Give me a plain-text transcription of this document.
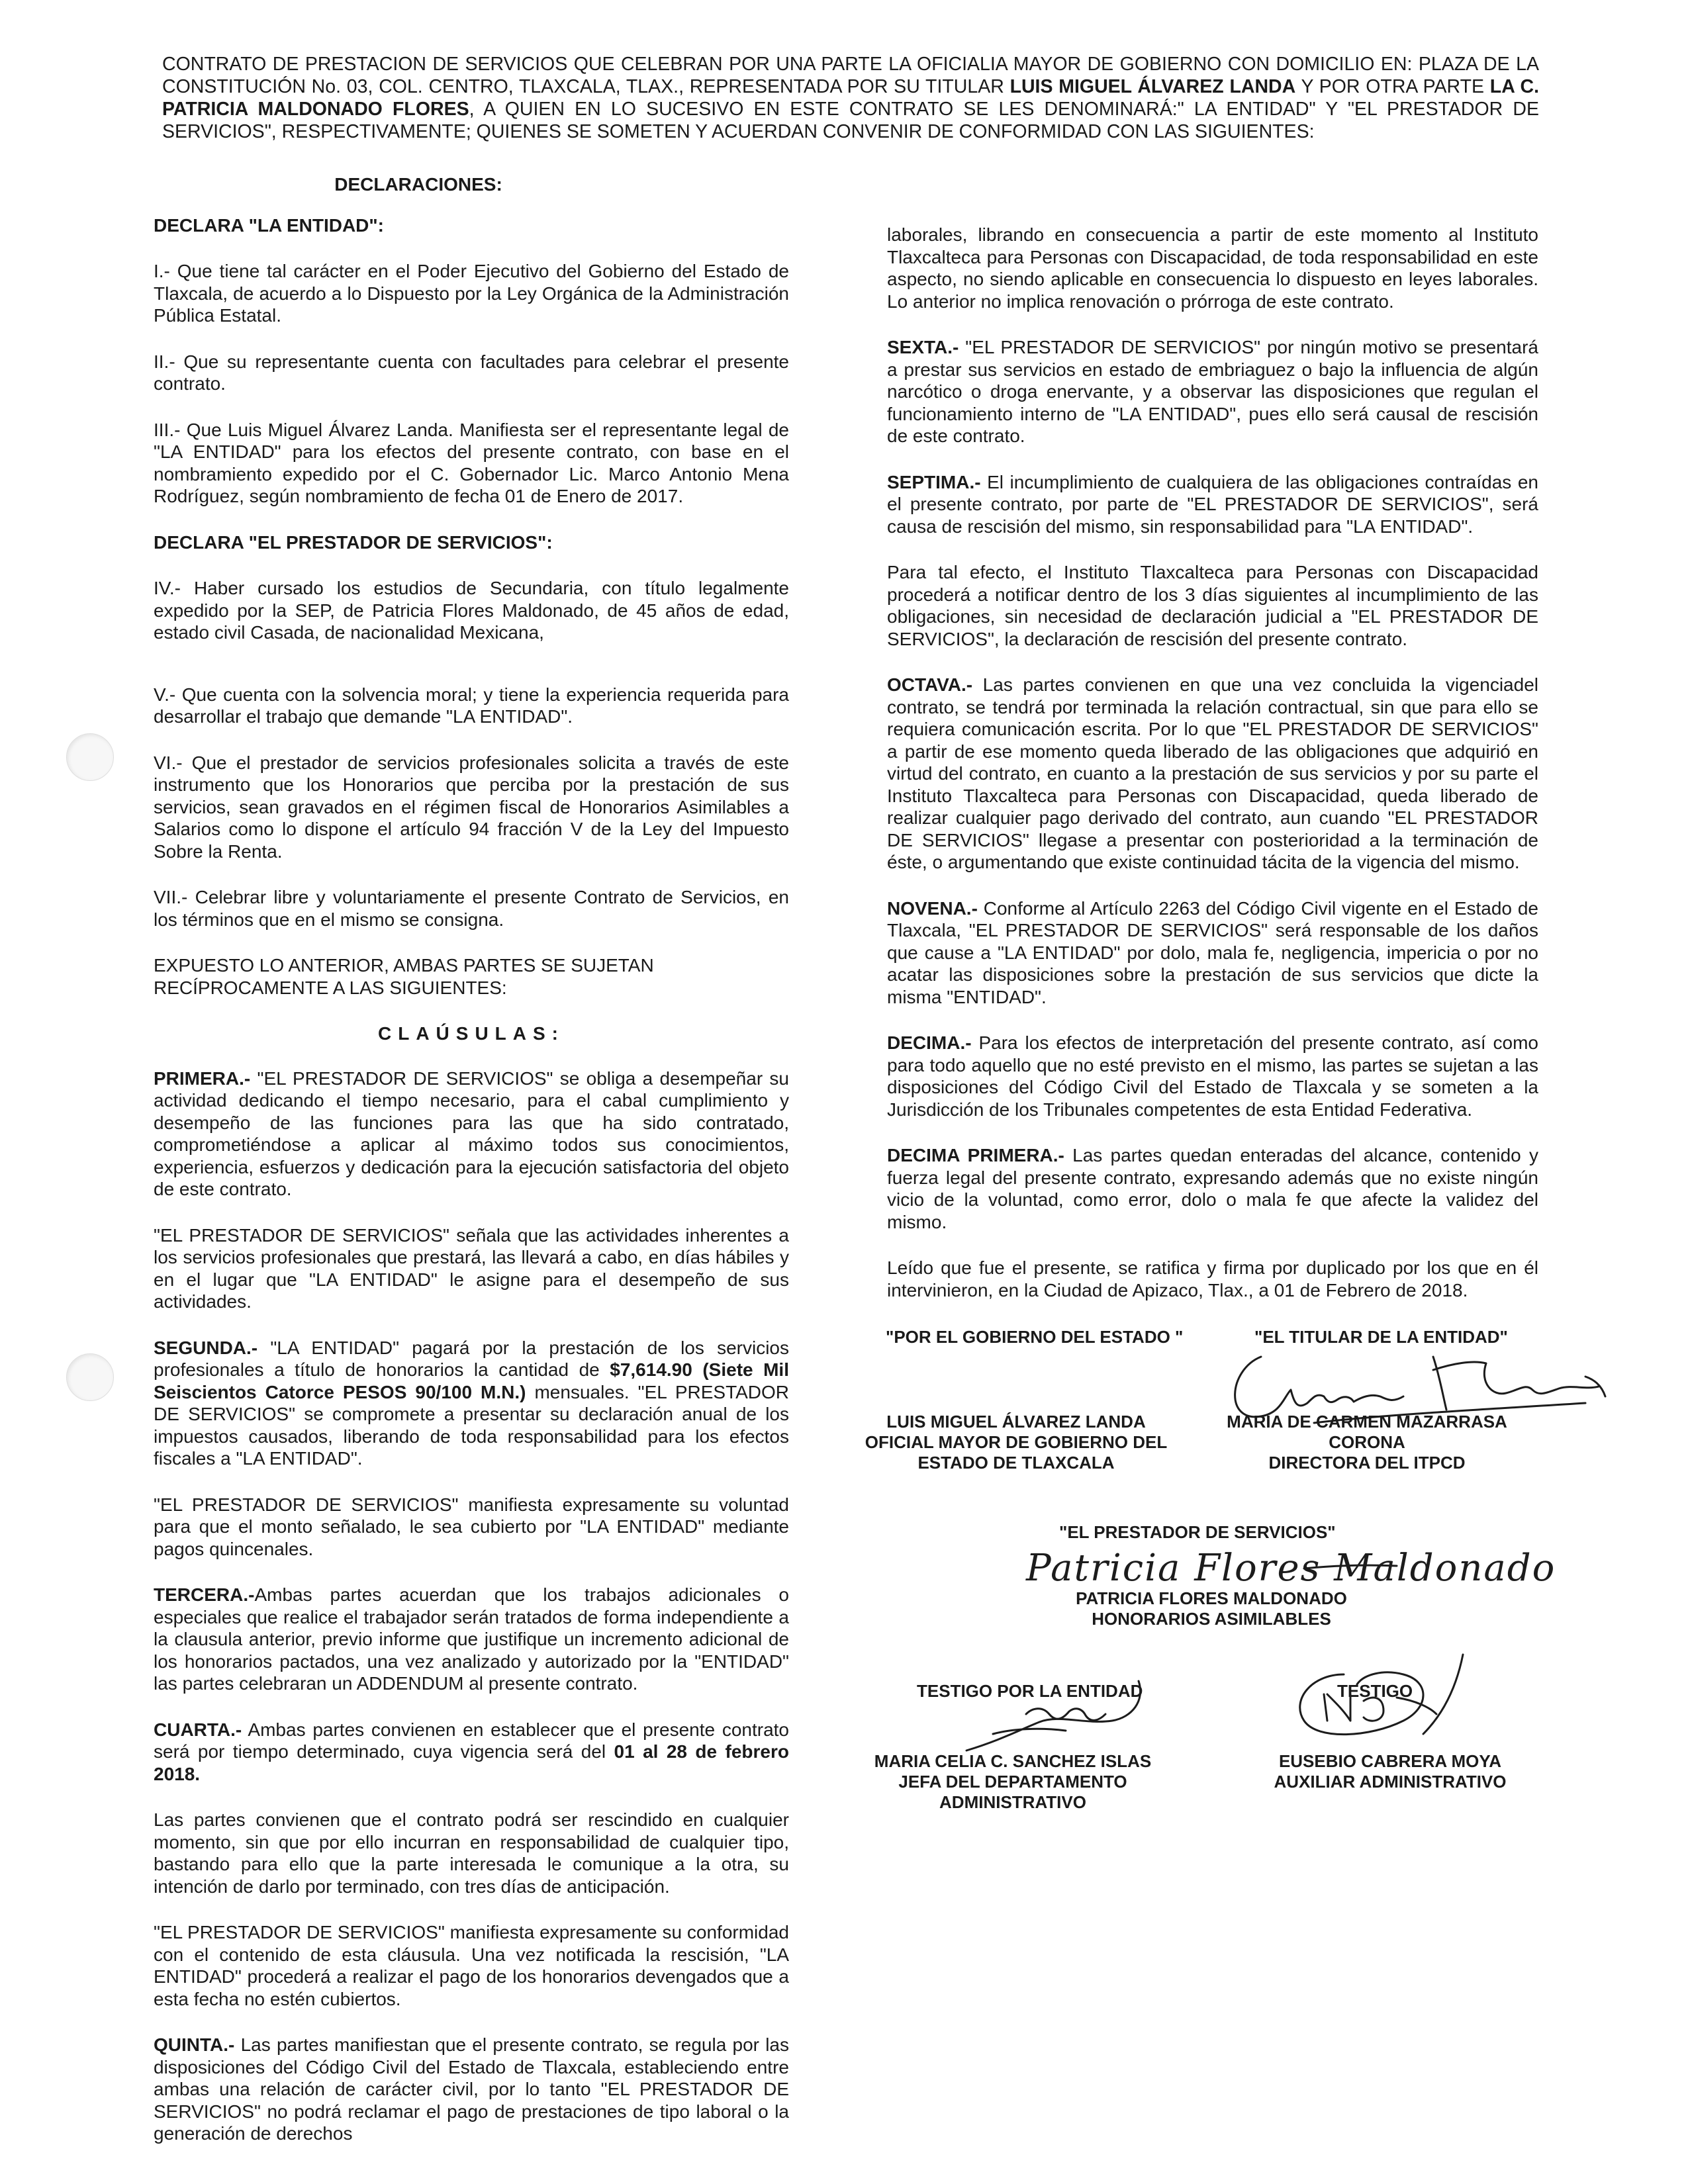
CONTRATO DE PRESTACION DE SERVICIOS QUE CELEBRAN POR UNA PARTE LA OFICIALIA MAYOR DE GOBIERNO CON DOMICILIO EN: PLAZA DE LA CONSTITUCIÓN No. 03, COL. CENTRO, TLAXCALA, TLAX., REPRESENTADA POR SU TITULAR LUIS MIGUEL ÁLVAREZ LANDA Y POR OTRA PARTE LA C. PATRICIA MALDONADO FLORES, A QUIEN EN LO SUCESIVO EN ESTE CONTRATO SE LES DENOMINARÁ:" LA ENTIDAD" Y "EL PRESTADOR DE SERVICIOS", RESPECTIVAMENTE; QUIENES SE SOMETEN Y ACUERDAN CONVENIR DE CONFORMIDAD CON LAS SIGUIENTES:
DECLARACIONES:
DECLARA "LA ENTIDAD":

I.- Que tiene tal carácter en el Poder Ejecutivo del Gobierno del Estado de Tlaxcala, de acuerdo a lo Dispuesto por la Ley Orgánica de la Administración Pública Estatal.

II.- Que su representante cuenta con facultades para celebrar el presente contrato.

III.- Que Luis Miguel Álvarez Landa. Manifiesta ser el representante legal de "LA ENTIDAD" para los efectos del presente contrato, con base en el nombramiento expedido por el C. Gobernador Lic. Marco Antonio Mena Rodríguez, según nombramiento de fecha 01 de Enero de 2017.

DECLARA "EL PRESTADOR DE SERVICIOS":

IV.- Haber cursado los estudios de Secundaria, con título legalmente expedido por la SEP, de Patricia Flores Maldonado, de 45 años de edad, estado civil Casada, de nacionalidad Mexicana,

V.- Que cuenta con la solvencia moral; y tiene la experiencia requerida para desarrollar el trabajo que demande "LA ENTIDAD".

VI.- Que el prestador de servicios profesionales solicita a través de este instrumento que los Honorarios que perciba por la prestación de sus servicios, sean gravados en el régimen fiscal de Honorarios Asimilables a Salarios como lo dispone el artículo 94 fracción V de la Ley del Impuesto Sobre la Renta.

VII.- Celebrar libre y voluntariamente el presente Contrato de Servicios, en los términos que en el mismo se consigna.

EXPUESTO LO ANTERIOR, AMBAS PARTES SE SUJETAN RECÍPROCAMENTE A LAS SIGUIENTES:

CLAÚSULAS:

PRIMERA.- "EL PRESTADOR DE SERVICIOS" se obliga a desempeñar su actividad dedicando el tiempo necesario, para el cabal cumplimiento y desempeño de las funciones para las que ha sido contratado, comprometiéndose a aplicar al máximo todos sus conocimientos, experiencia, esfuerzos y dedicación para la ejecución satisfactoria del objeto de este contrato.

"EL PRESTADOR DE SERVICIOS" señala que las actividades inherentes a los servicios profesionales que prestará, las llevará a cabo, en días hábiles y en el lugar que "LA ENTIDAD" le asigne para el desempeño de sus actividades.

SEGUNDA.- "LA ENTIDAD" pagará por la prestación de los servicios profesionales a título de honorarios la cantidad de $7,614.90 (Siete Mil Seiscientos Catorce PESOS 90/100 M.N.) mensuales. "EL PRESTADOR DE SERVICIOS" se compromete a presentar su declaración anual de los impuestos causados, liberando de toda responsabilidad para los efectos fiscales a "LA ENTIDAD".

"EL PRESTADOR DE SERVICIOS" manifiesta expresamente su voluntad para que el monto señalado, le sea cubierto por "LA ENTIDAD" mediante pagos quincenales.

TERCERA.-Ambas partes acuerdan que los trabajos adicionales o especiales que realice el trabajador serán tratados de forma independiente a la clausula anterior, previo informe que justifique un incremento adicional de los honorarios pactados, una vez analizado y autorizado por la "ENTIDAD" las partes celebraran un ADDENDUM al presente contrato.

CUARTA.- Ambas partes convienen en establecer que el presente contrato será por tiempo determinado, cuya vigencia será del 01 al 28 de febrero 2018.

Las partes convienen que el contrato podrá ser rescindido en cualquier momento, sin que por ello incurran en responsabilidad de cualquier tipo, bastando para ello que la parte interesada le comunique a la otra, su intención de darlo por terminado, con tres días de anticipación.

"EL PRESTADOR DE SERVICIOS" manifiesta expresamente su conformidad con el contenido de esta cláusula. Una vez notificada la rescisión, "LA ENTIDAD" procederá a realizar el pago de los honorarios devengados que a esta fecha no estén cubiertos.

QUINTA.- Las partes manifiestan que el presente contrato, se regula por las disposiciones del Código Civil del Estado de Tlaxcala, estableciendo entre ambas una relación de carácter civil, por lo tanto "EL PRESTADOR DE SERVICIOS" no podrá reclamar el pago de prestaciones de tipo laboral o la generación de derechos

laborales, librando en consecuencia a partir de este momento al Instituto Tlaxcalteca para Personas con Discapacidad, de toda responsabilidad en este aspecto, no siendo aplicable en consecuencia lo dispuesto en leyes laborales. Lo anterior no implica renovación o prórroga de este contrato.

SEXTA.- "EL PRESTADOR DE SERVICIOS" por ningún motivo se presentará a prestar sus servicios en estado de embriaguez o bajo la influencia de algún narcótico o droga enervante, y a observar las disposiciones que regulan el funcionamiento interno de "LA ENTIDAD", pues ello será causal de rescisión de este contrato.

SEPTIMA.- El incumplimiento de cualquiera de las obligaciones contraídas en el presente contrato, por parte de "EL PRESTADOR DE SERVICIOS", será causa de rescisión del mismo, sin responsabilidad para "LA ENTIDAD".

Para tal efecto, el Instituto Tlaxcalteca para Personas con Discapacidad procederá a notificar dentro de los 3 días siguientes al incumplimiento de las obligaciones, sin necesidad de declaración judicial a "EL PRESTADOR DE SERVICIOS", la declaración de rescisión del presente contrato.

OCTAVA.- Las partes convienen en que una vez concluida la vigenciadel contrato, se tendrá por terminada la relación contractual, sin que para ello se requiera comunicación escrita. Por lo que "EL PRESTADOR DE SERVICIOS" a partir de ese momento queda liberado de las obligaciones que adquirió en virtud del contrato, en cuanto a la prestación de sus servicios y por su parte el Instituto Tlaxcalteca para Personas con Discapacidad, queda liberado de realizar cualquier pago derivado del contrato, aun cuando "EL PRESTADOR DE SERVICIOS" llegase a presentar con posterioridad a la terminación de éste, o argumentando que existe continuidad tácita de la vigencia del mismo.

NOVENA.- Conforme al Artículo 2263 del Código Civil vigente en el Estado de Tlaxcala, "EL PRESTADOR DE SERVICIOS" será responsable de los daños que cause a "LA ENTIDAD" por dolo, mala fe, negligencia, impericia o por no acatar las disposiciones sobre la prestación de sus servicios que dicte la misma "ENTIDAD".

DECIMA.- Para los efectos de interpretación del presente contrato, así como para todo aquello que no esté previsto en el mismo, las partes se sujetan a las disposiciones del Código Civil del Estado de Tlaxcala y se someten a la Jurisdicción de los Tribunales competentes de esta Entidad Federativa.

DECIMA PRIMERA.- Las partes quedan enteradas del alcance, contenido y fuerza legal del presente contrato, expresando además que no existe ningún vicio de la voluntad, como error, dolo o mala fe que afecte la validez del mismo.

Leído que fue el presente, se ratifica y firma por duplicado por los que en él intervinieron, en la Ciudad de Apizaco, Tlax., a 01 de Febrero de 2018.

"POR EL GOBIERNO DEL ESTADO "	"EL TITULAR DE LA ENTIDAD"
LUIS MIGUEL ÁLVAREZ LANDA
OFICIAL MAYOR DE GOBIERNO DEL
ESTADO DE TLAXCALA
MARIA DE CARMEN MAZARRASA
CORONA
DIRECTORA DEL ITPCD
"EL PRESTADOR DE SERVICIOS"
Patricia Flores Maldonado
PATRICIA FLORES MALDONADO
HONORARIOS ASIMILABLES
TESTIGO POR LA ENTIDAD	TESTIGO
MARIA CELIA C. SANCHEZ ISLAS
JEFA DEL DEPARTAMENTO
ADMINISTRATIVO
EUSEBIO CABRERA MOYA
AUXILIAR ADMINISTRATIVO
